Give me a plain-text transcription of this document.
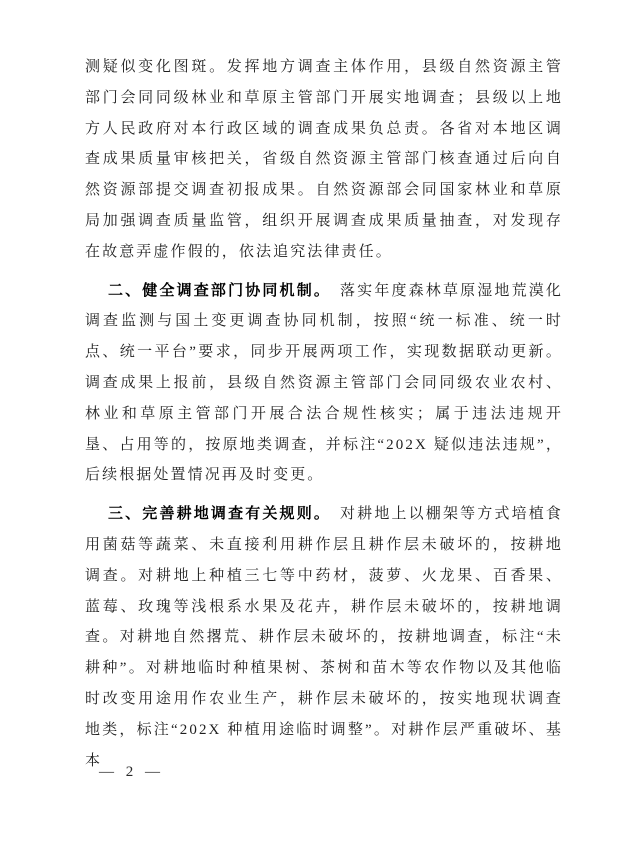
测疑似变化图斑。发挥地方调查主体作用，县级自然资源主管部门会同同级林业和草原主管部门开展实地调查；县级以上地方人民政府对本行政区域的调查成果负总责。各省对本地区调查成果质量审核把关，省级自然资源主管部门核查通过后向自然资源部提交调查初报成果。自然资源部会同国家林业和草原局加强调查质量监管，组织开展调查成果质量抽查，对发现存在故意弄虚作假的，依法追究法律责任。

二、健全调查部门协同机制。 落实年度森林草原湿地荒漠化调查监测与国土变更调查协同机制，按照“统一标准、统一时点、统一平台”要求，同步开展两项工作，实现数据联动更新。调查成果上报前，县级自然资源主管部门会同同级农业农村、林业和草原主管部门开展合法合规性核实；属于违法违规开垦、占用等的，按原地类调查，并标注“202X 疑似违法违规”，后续根据处置情况再及时变更。

三、完善耕地调查有关规则。 对耕地上以棚架等方式培植食用菌菇等蔬菜、未直接利用耕作层且耕作层未破坏的，按耕地调查。对耕地上种植三七等中药材，菠萝、火龙果、百香果、蓝莓、玫瑰等浅根系水果及花卉，耕作层未破坏的，按耕地调查。对耕地自然撂荒、耕作层未破坏的，按耕地调查，标注“未耕种”。对耕地临时种植果树、茶树和苗木等农作物以及其他临时改变用途用作农业生产，耕作层未破坏的，按实地现状调查地类，标注“202X 种植用途临时调整”。对耕作层严重破坏、基本

— 2 —
